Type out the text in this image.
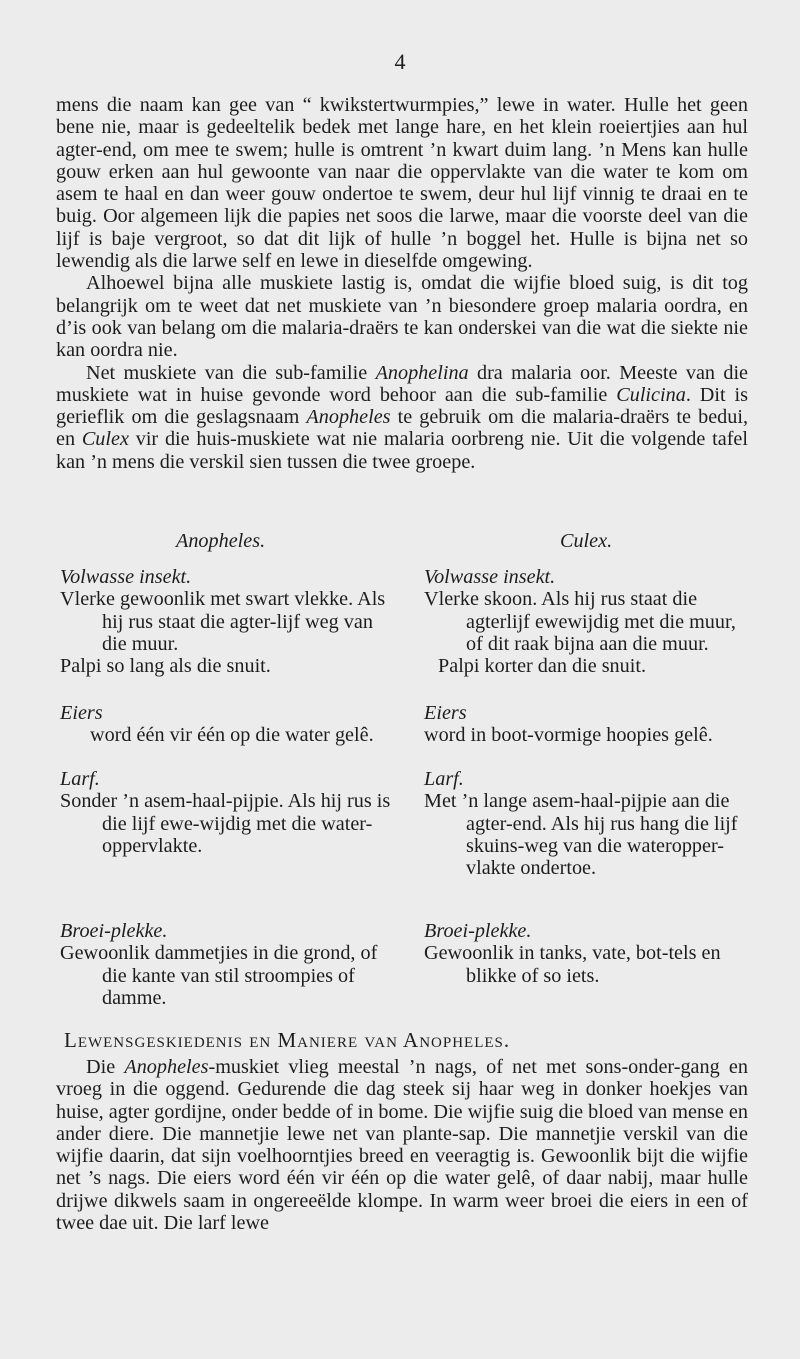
4

mens die naam kan gee van “ kwikstertwurmpies,” lewe in water. Hulle het geen bene nie, maar is gedeeltelik bedek met lange hare, en het klein roeiertjies aan hul agter-end, om mee te swem; hulle is omtrent ’n kwart duim lang. ’n Mens kan hulle gouw erken aan hul gewoonte van naar die oppervlakte van die water te kom om asem te haal en dan weer gouw ondertoe te swem, deur hul lijf vinnig te draai en te buig. Oor algemeen lijk die papies net soos die larwe, maar die voorste deel van die lijf is baje vergroot, so dat dit lijk of hulle ’n boggel het. Hulle is bijna net so lewendig als die larwe self en lewe in dieselfde omgewing.

Alhoewel bijna alle muskiete lastig is, omdat die wijfie bloed suig, is dit tog belangrijk om te weet dat net muskiete van ’n biesondere groep malaria oordra, en d’is ook van belang om die malaria-draërs te kan onderskei van die wat die siekte nie kan oordra nie.

Net muskiete van die sub-familie Anophelina dra malaria oor. Meeste van die muskiete wat in huise gevonde word behoor aan die sub-familie Culicina. Dit is gerieflik om die geslagsnaam Anopheles te gebruik om die malaria-draërs te bedui, en Culex vir die huis-muskiete wat nie malaria oorbreng nie. Uit die volgende tafel kan ’n mens die verskil sien tussen die twee groepe.

Anopheles.	Culex.

Volwasse insekt.

Vlerke gewoonlik met swart vlekke. Als hij rus staat die agter-lijf weg van die muur.

Palpi so lang als die snuit.

Eiers

word één vir één op die water gelê.

Larf.

Sonder ’n asem-haal-pijpie. Als hij rus is die lijf ewe-wijdig met die water-oppervlakte.

Broei-plekke.

Gewoonlik dammetjies in die grond, of die kante van stil stroompies of damme.

Volwasse insekt.

Vlerke skoon. Als hij rus staat die agterlijf ewewijdig met die muur, of dit raak bijna aan die muur.

Palpi korter dan die snuit.

Eiers

word in boot-vormige hoopies gelê.

Larf.

Met ’n lange asem-haal-pijpie aan die agter-end. Als hij rus hang die lijf skuins-weg van die wateropper-vlakte ondertoe.

Broei-plekke.

Gewoonlik in tanks, vate, bot-tels en blikke of so iets.

Lewensgeskiedenis en Maniere van Anopheles.

Die Anopheles-muskiet vlieg meestal ’n nags, of net met sons-onder-gang en vroeg in die oggend. Gedurende die dag steek sij haar weg in donker hoekjes van huise, agter gordijne, onder bedde of in bome. Die wijfie suig die bloed van mense en ander diere. Die mannetjie lewe net van plante-sap. Die mannetjie verskil van die wijfie daarin, dat sijn voelhoorntjies breed en veeragtig is. Gewoonlik bijt die wijfie net ’s nags. Die eiers word één vir één op die water gelê, of daar nabij, maar hulle drijwe dikwels saam in ongereeëlde klompe. In warm weer broei die eiers in een of twee dae uit. Die larf lewe
